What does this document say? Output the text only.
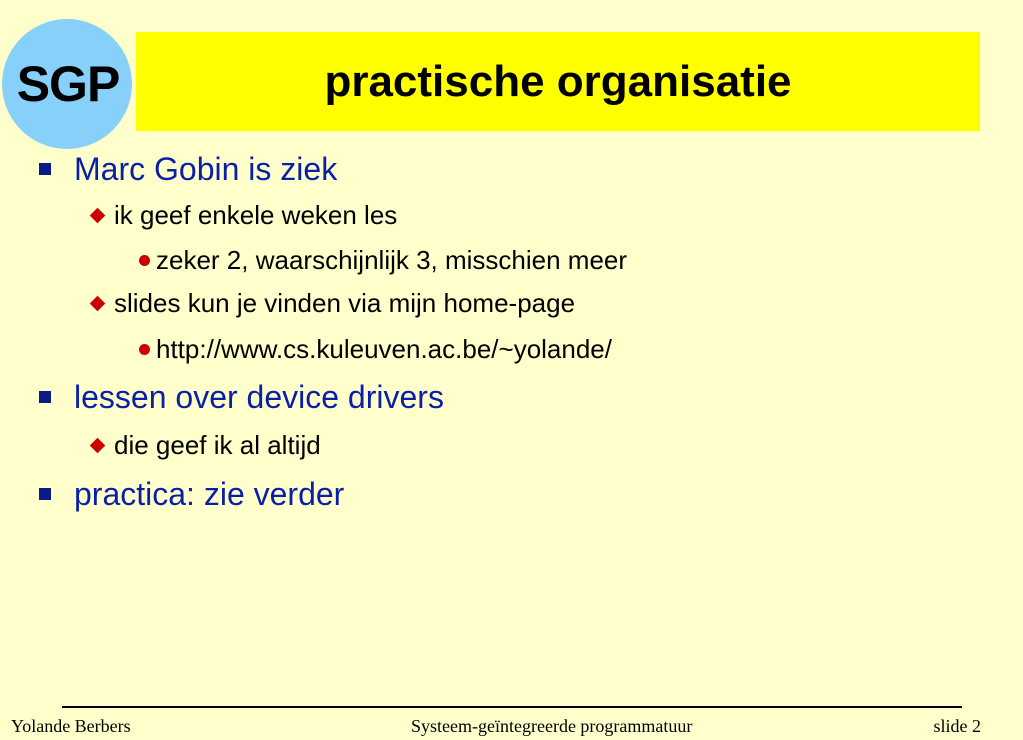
SGP	practische organisatie
Marc Gobin is ziek
ik geef enkele weken les
zeker 2, waarschijnlijk 3, misschien meer
slides kun je vinden via mijn home-page
http://www.cs.kuleuven.ac.be/~yolande/
lessen over device drivers
die geef ik al altijd
practica: zie verder
Yolande Berbers	Systeem-geïntegreerde programmatuur	slide 2
